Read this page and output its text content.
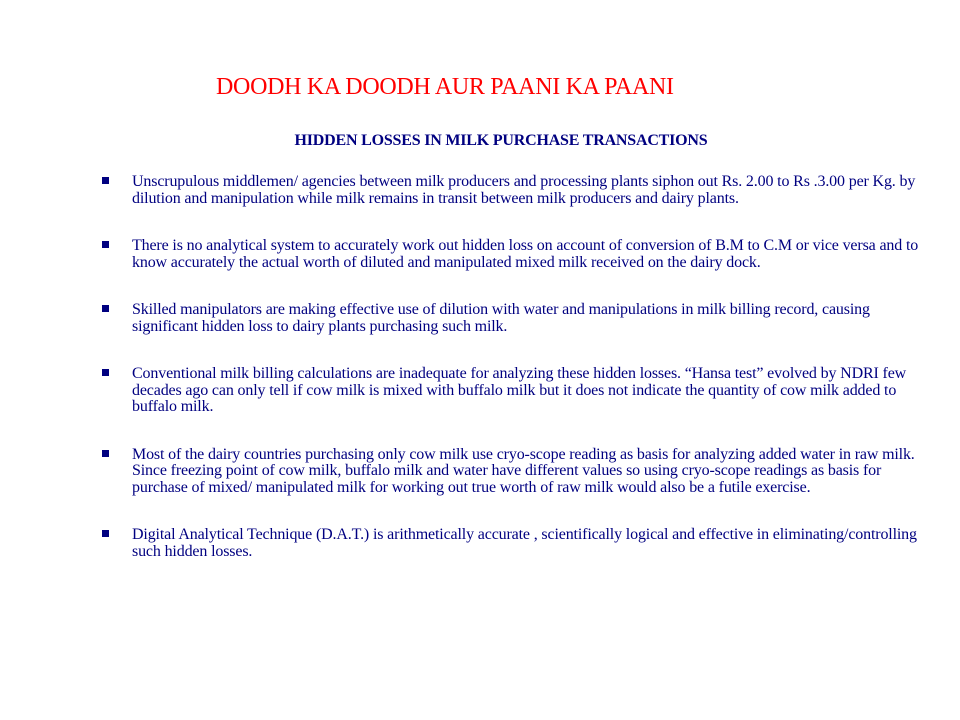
DOODH KA DOODH AUR PAANI KA PAANI
HIDDEN LOSSES IN MILK PURCHASE TRANSACTIONS
Unscrupulous middlemen/ agencies between milk producers and processing plants siphon out Rs. 2.00 to Rs .3.00 per Kg. by dilution and manipulation while milk remains in transit between milk producers and dairy plants.
There is no analytical system to accurately work out hidden loss on account of conversion of B.M to C.M or vice versa and to know accurately the actual worth of diluted and manipulated mixed milk received on the dairy dock.
Skilled manipulators are making effective use of dilution with water and manipulations in milk billing record, causing significant hidden loss to dairy plants purchasing such milk.
Conventional milk billing calculations are inadequate for analyzing these hidden losses. “Hansa test” evolved by NDRI few decades ago can only tell if cow milk is mixed with buffalo milk but it does not indicate the quantity of cow milk added to buffalo milk.
Most of the dairy countries purchasing only cow milk use cryo-scope reading as basis for analyzing added water in raw milk. Since freezing point of cow milk, buffalo milk and water have different values so using cryo-scope readings as basis for purchase of mixed/ manipulated milk for working out true worth of raw milk would also be a futile exercise.
Digital Analytical Technique (D.A.T.) is arithmetically accurate , scientifically logical and effective in eliminating/controlling such hidden losses.
